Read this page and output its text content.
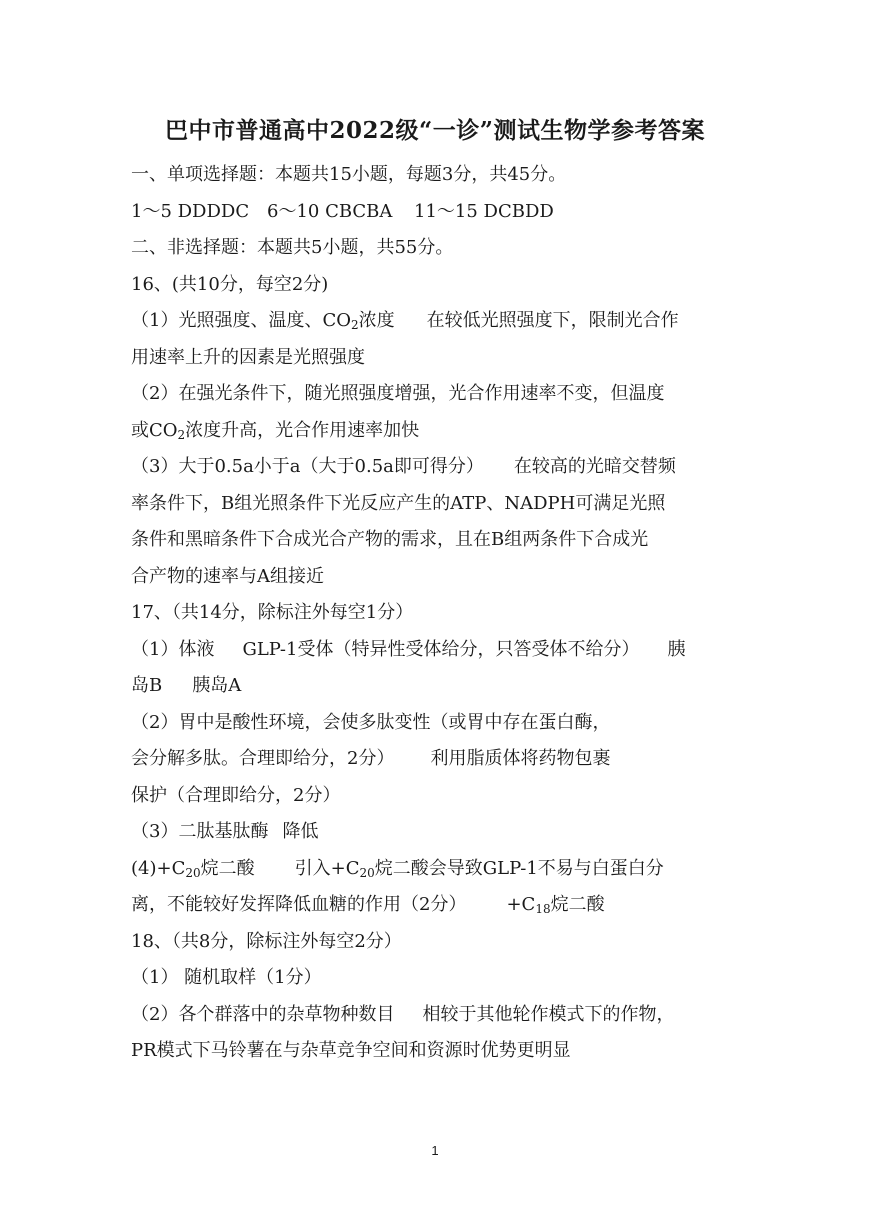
巴中市普通高中2022级“一诊”测试生物学参考答案
一、单项选择题：本题共15小题，每题3分，共45分。
1～5 DDDDC 6～10 CBCBA 11～15 DCBDD
二、非选择题：本题共5小题，共55分。
16、(共10分，每空2分)
（1）光照强度、温度、$CO_2$浓度 在较低光照强度下，限制光合作
用速率上升的因素是光照强度
（2）在强光条件下，随光照强度增强，光合作用速率不变，但温度
或$CO_2$浓度升高，光合作用速率加快
（3）大于0.5a小于a（大于0.5a即可得分） 在较高的光暗交替频
率条件下，B组光照条件下光反应产生的ATP、NADPH可满足光照
条件和黑暗条件下合成光合产物的需求，且在B组两条件下合成光
合产物的速率与A组接近
17、（共14分，除标注外每空1分）
（1）体液 GLP-1受体（特异性受体给分，只答受体不给分） 胰
岛B 胰岛A
（2）胃中是酸性环境，会使多肽变性（或胃中存在蛋白酶，
会分解多肽。合理即给分，2分） 利用脂质体将药物包裹
保护（合理即给分，2分）
（3）二肽基肽酶 降低
$(4)+C_{20}$烷二酸 引入$+C_{20}$烷二酸会导致GLP-1不易与白蛋白分
离，不能较好发挥降低血糖的作用（2分） $+C_{18}$烷二酸
18、（共8分，除标注外每空2分）
（1） 随机取样（1分）
（2）各个群落中的杂草物种数目 相较于其他轮作模式下的作物，
PR模式下马铃薯在与杂草竞争空间和资源时优势更明显
1
